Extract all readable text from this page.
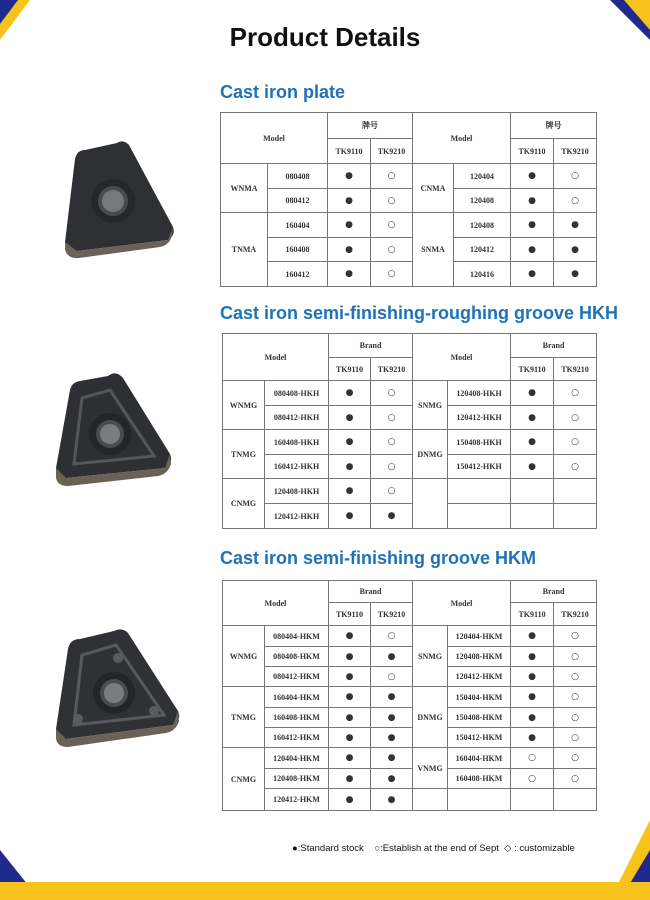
Product Details
Cast iron plate
Cast iron semi-finishing-roughing groove HKH
Cast iron semi-finishing groove HKM
Model		牌号		Model		牌号	
		TK9110	TK9210			TK9110	TK9210
WNMA	080408	●	○	CNMA	120404	●	○
	080412	●	○		120408	●	○
TNMA	160404	●	○	SNMA	120408	●	●
	160408	●	○		120412	●	●
	160412	●	○		120416	●	●
Model		Brand		Model		Brand	
		TK9110	TK9210			TK9110	TK9210
WNMG	080408-HKH	●	○	SNMG	120408-HKH	●	○
	080412-HKH	●	○		120412-HKH	●	○
TNMG	160408-HKH	●	○	DNMG	150408-HKH	●	○
	160412-HKH	●	○		150412-HKH	●	○
CNMG	120408-HKH	●	○				
	120412-HKH	●	●				
Model		Brand		Model		Brand	
		TK9110	TK9210			TK9110	TK9210
WNMG	080404-HKM	●	○	SNMG	120404-HKM	●	○
	080408-HKM	●	●		120408-HKM	●	○
	080412-HKM	●	○		120412-HKM	●	○
TNMG	160404-HKM	●	●	DNMG	150404-HKM	●	○
	160408-HKM	●	●		150408-HKM	●	○
	160412-HKM	●	●		150412-HKM	●	○
CNMG	120404-HKM	●	●	VNMG	160404-HKM	○	○
	120408-HKM	●	●		160408-HKM	○	○
	120412-HKM	●	●				
●:Standard stock ○:Establish at the end of Sept ◇ : customizable
